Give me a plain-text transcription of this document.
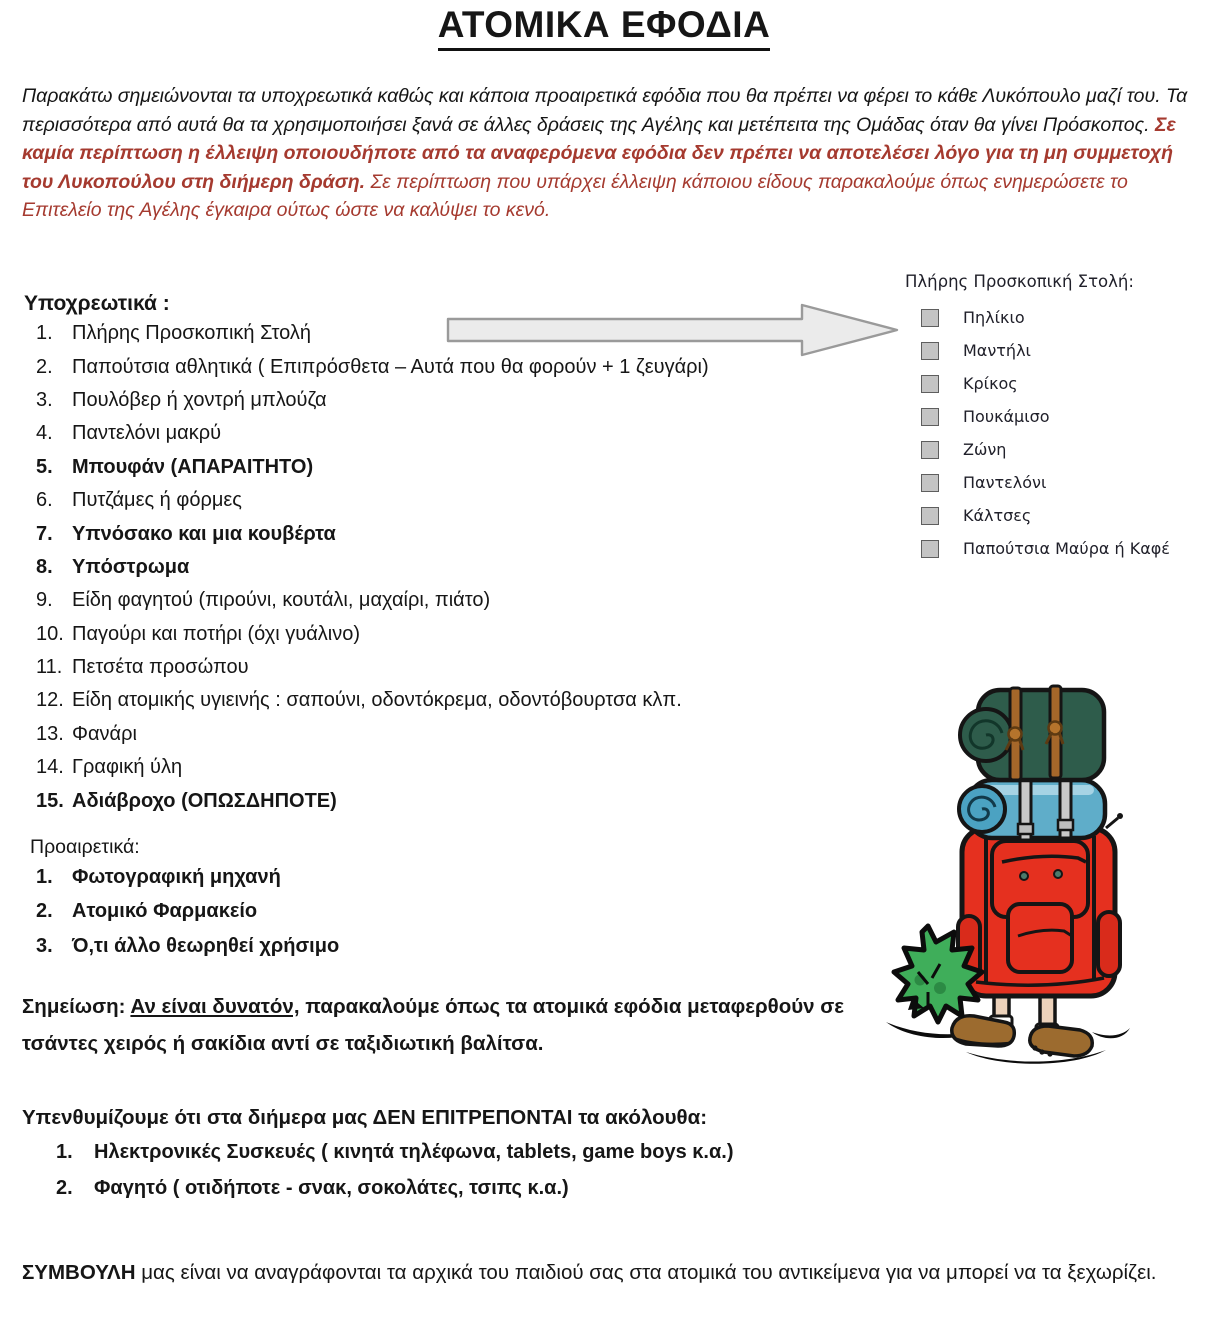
ΑΤΟΜΙΚΑ ΕΦΟΔΙΑ

Παρακάτω σημειώνονται τα υποχρεωτικά καθώς και κάποια προαιρετικά εφόδια που θα πρέπει να φέρει το κάθε Λυκόπουλο μαζί του. Τα περισσότερα από αυτά θα τα χρησιμοποιήσει ξανά σε άλλες δράσεις της Αγέλης και μετέπειτα της Ομάδας όταν θα γίνει Πρόσκοπος. Σε καμία περίπτωση η έλλειψη οποιουδήποτε από τα αναφερόμενα εφόδια δεν πρέπει να αποτελέσει λόγο για τη μη συμμετοχή του Λυκοπούλου στη διήμερη δράση. Σε περίπτωση που υπάρχει έλλειψη κάποιου είδους παρακαλούμε όπως ενημερώσετε το Επιτελείο της Αγέλης έγκαιρα ούτως ώστε να καλύψει το κενό.

Υποχρεωτικά :
1. Πλήρης Προσκοπική Στολή
2. Παπούτσια αθλητικά ( Επιπρόσθετα – Αυτά που θα φορούν + 1 ζευγάρι)
3. Πουλόβερ ή χοντρή μπλούζα
4. Παντελόνι μακρύ
5. Μπουφάν (ΑΠΑΡΑΙΤΗΤΟ)
6. Πυτζάμες ή φόρμες
7. Υπνόσακο και μια κουβέρτα
8. Υπόστρωμα
9. Είδη φαγητού (πιρούνι, κουτάλι, μαχαίρι, πιάτο)
10. Παγούρι και ποτήρι (όχι γυάλινο)
11. Πετσέτα προσώπου
12. Είδη ατομικής υγιεινής : σαπούνι, οδοντόκρεμα, οδοντόβουρτσα κλπ.
13. Φανάρι
14. Γραφική ύλη
15. Αδιάβροχο (ΟΠΩΣΔΗΠΟΤΕ)
Πλήρης Προσκοπική Στολή:
Πηλίκιο
Μαντήλι
Κρίκος
Πουκάμισο
Ζώνη
Παντελόνι
Κάλτσες
Παπούτσια Μαύρα ή Καφέ
Προαιρετικά:
1. Φωτογραφική μηχανή
2. Ατομικό Φαρμακείο
3. Ό,τι άλλο θεωρηθεί χρήσιμο

Σημείωση: Αν είναι δυνατόν, παρακαλούμε όπως τα ατομικά εφόδια μεταφερθούν σε τσάντες χειρός ή σακίδια αντί σε ταξιδιωτική βαλίτσα.

Υπενθυμίζουμε ότι στα διήμερα μας ΔΕΝ ΕΠΙΤΡΕΠΟΝΤΑΙ τα ακόλουθα:
1.	Ηλεκτρονικές Συσκευές ( κινητά τηλέφωνα, tablets, game boys κ.α.)
2.	Φαγητό ( οτιδήποτε - σνακ, σοκολάτες, τσιπς κ.α.)

ΣΥΜΒΟΥΛΗ μας είναι να αναγράφονται τα αρχικά του παιδιού σας στα ατομικά του αντικείμενα για να μπορεί να τα ξεχωρίζει.
